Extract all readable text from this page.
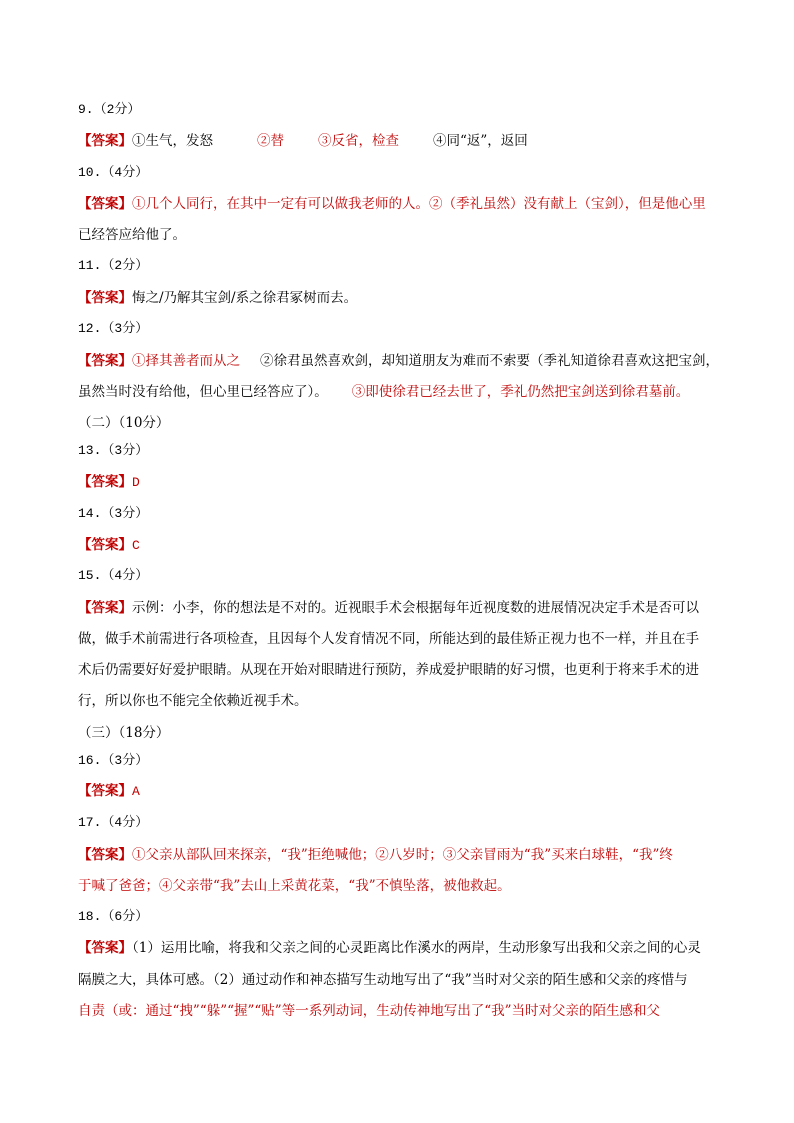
9.（2分）
【答案】①生气，发怒	②替	③反省，检查	④同“返”，返回
10.（4分）
【答案】①几个人同行，在其中一定有可以做我老师的人。②（季礼虽然）没有献上（宝剑），但是他心里
已经答应给他了。
11.（2分）
【答案】悔之/乃解其宝剑/系之徐君冢树而去。
12.（3分）
【答案】①择其善者而从之 ②徐君虽然喜欢剑，却知道朋友为难而不索要（季礼知道徐君喜欢这把宝剑，
虽然当时没有给他，但心里已经答应了）。 ③即使徐君已经去世了，季礼仍然把宝剑送到徐君墓前。
（二）（10分）
13.（3分）
【答案】D
14.（3分）
【答案】C
15.（4分）
【答案】示例：小李，你的想法是不对的。近视眼手术会根据每年近视度数的进展情况决定手术是否可以
做，做手术前需进行各项检查，且因每个人发育情况不同，所能达到的最佳矫正视力也不一样，并且在手
术后仍需要好好爱护眼睛。从现在开始对眼睛进行预防，养成爱护眼睛的好习惯，也更利于将来手术的进
行，所以你也不能完全依赖近视手术。
（三）（18分）
16.（3分）
【答案】A
17.（4分）
【答案】①父亲从部队回来探亲，“我”拒绝喊他；②八岁时；③父亲冒雨为“我”买来白球鞋，“我”终
于喊了爸爸；④父亲带“我”去山上采黄花菜，“我”不慎坠落，被他救起。
18.（6分）
【答案】（1）运用比喻，将我和父亲之间的心灵距离比作溪水的两岸，生动形象写出我和父亲之间的心灵
隔膜之大，具体可感。（2）通过动作和神态描写生动地写出了“我”当时对父亲的陌生感和父亲的疼惜与
自责（或：通过“拽”“躲”“握”“贴”等一系列动词，生动传神地写出了“我”当时对父亲的陌生感和父
